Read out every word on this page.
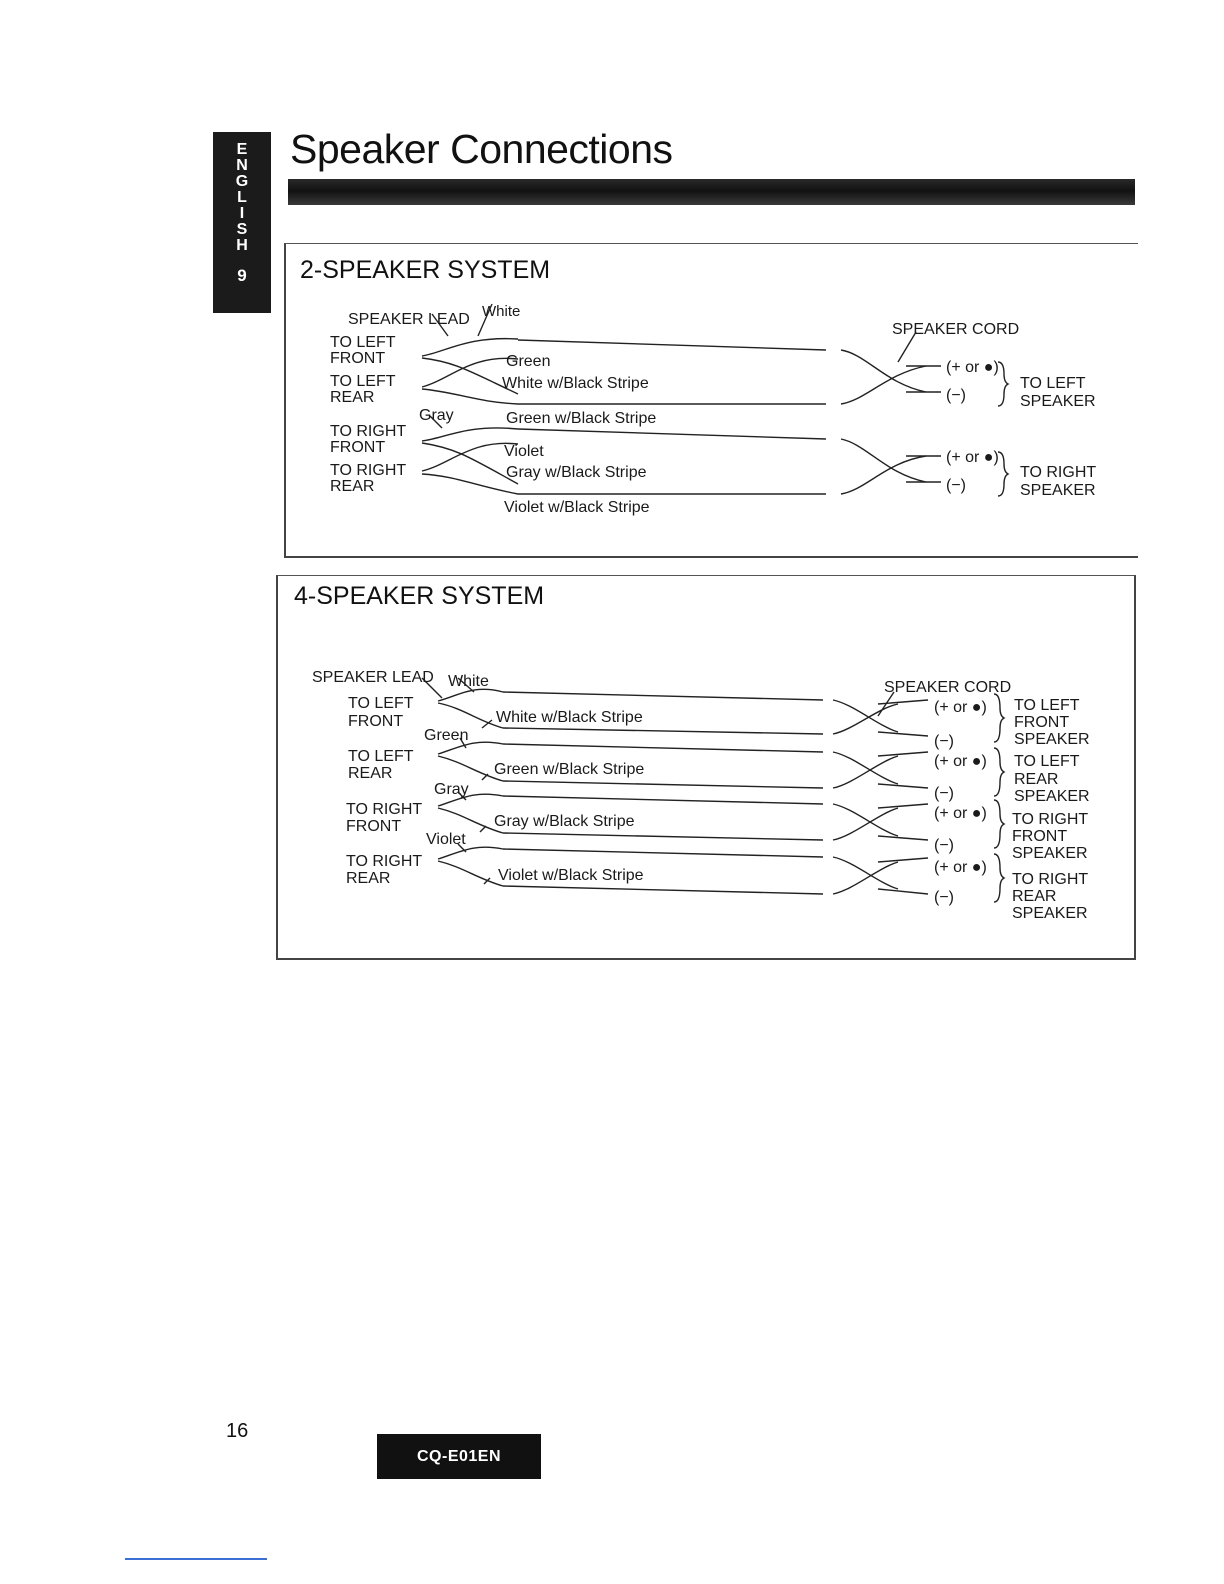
E
N
G
L
I
S
H
9
Speaker Connections
2-SPEAKER SYSTEM
SPEAKER LEAD White
SPEAKER CORD
TO LEFT
FRONT
TO LEFT
REAR
TO RIGHT
FRONT
TO RIGHT
REAR
Green
White w/Black Stripe
Gray	Green w/Black Stripe
Violet
Gray w/Black Stripe
Violet w/Black Stripe
(+ or ●)
(−)
(+ or ●)
(−)
TO LEFT
SPEAKER
TO RIGHT
SPEAKER
4-SPEAKER SYSTEM
SPEAKER LEAD White	SPEAKER CORD
TO LEFT
FRONT
Green
TO LEFT
REAR
Gray
TO RIGHT
FRONT
Violet
TO RIGHT
REAR
White w/Black Stripe
Green w/Black Stripe
Gray w/Black Stripe
Violet w/Black Stripe
(+ or ●)
(−)
(+ or ●)
(−)
(+ or ●)
(−)
(+ or ●)
(−)
TO LEFT
FRONT
SPEAKER
TO LEFT
REAR
SPEAKER
TO RIGHT
FRONT
SPEAKER
TO RIGHT
REAR
SPEAKER
16
CQ-E01EN
